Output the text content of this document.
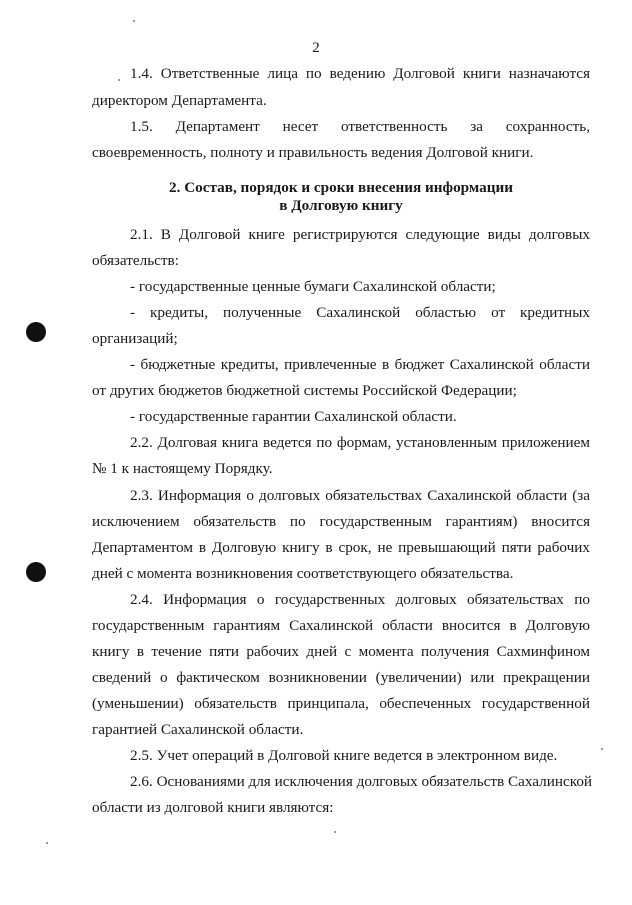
2
1.4. Ответственные лица по ведению Долговой книги назначаются
директором Департамента.
1.5. Департамент несет ответственность за сохранность,
своевременность, полноту и правильность ведения Долговой книги.
2. Состав, порядок и сроки внесения информации
в Долговую книгу
2.1. В Долговой книге регистрируются следующие виды долговых
обязательств:
- государственные ценные бумаги Сахалинской области;
- кредиты, полученные Сахалинской областью от кредитных
организаций;
- бюджетные кредиты, привлеченные в бюджет Сахалинской области
от других бюджетов бюджетной системы Российской Федерации;
- государственные гарантии Сахалинской области.
2.2. Долговая книга ведется по формам, установленным приложением
№ 1 к настоящему Порядку.
2.3. Информация о долговых обязательствах Сахалинской области (за
исключением обязательств по государственным гарантиям) вносится
Департаментом в Долговую книгу в срок, не превышающий пяти рабочих
дней с момента возникновения соответствующего обязательства.
2.4. Информация о государственных долговых обязательствах по
государственным гарантиям Сахалинской области вносится в Долговую
книгу в течение пяти рабочих дней с момента получения Сахминфином
сведений о фактическом возникновении (увеличении) или прекращении
(уменьшении) обязательств принципала, обеспеченных государственной
гарантией Сахалинской области.
2.5. Учет операций в Долговой книге ведется в электронном виде.
2.6. Основаниями для исключения долговых обязательств Сахалинской
области из долговой книги являются:
